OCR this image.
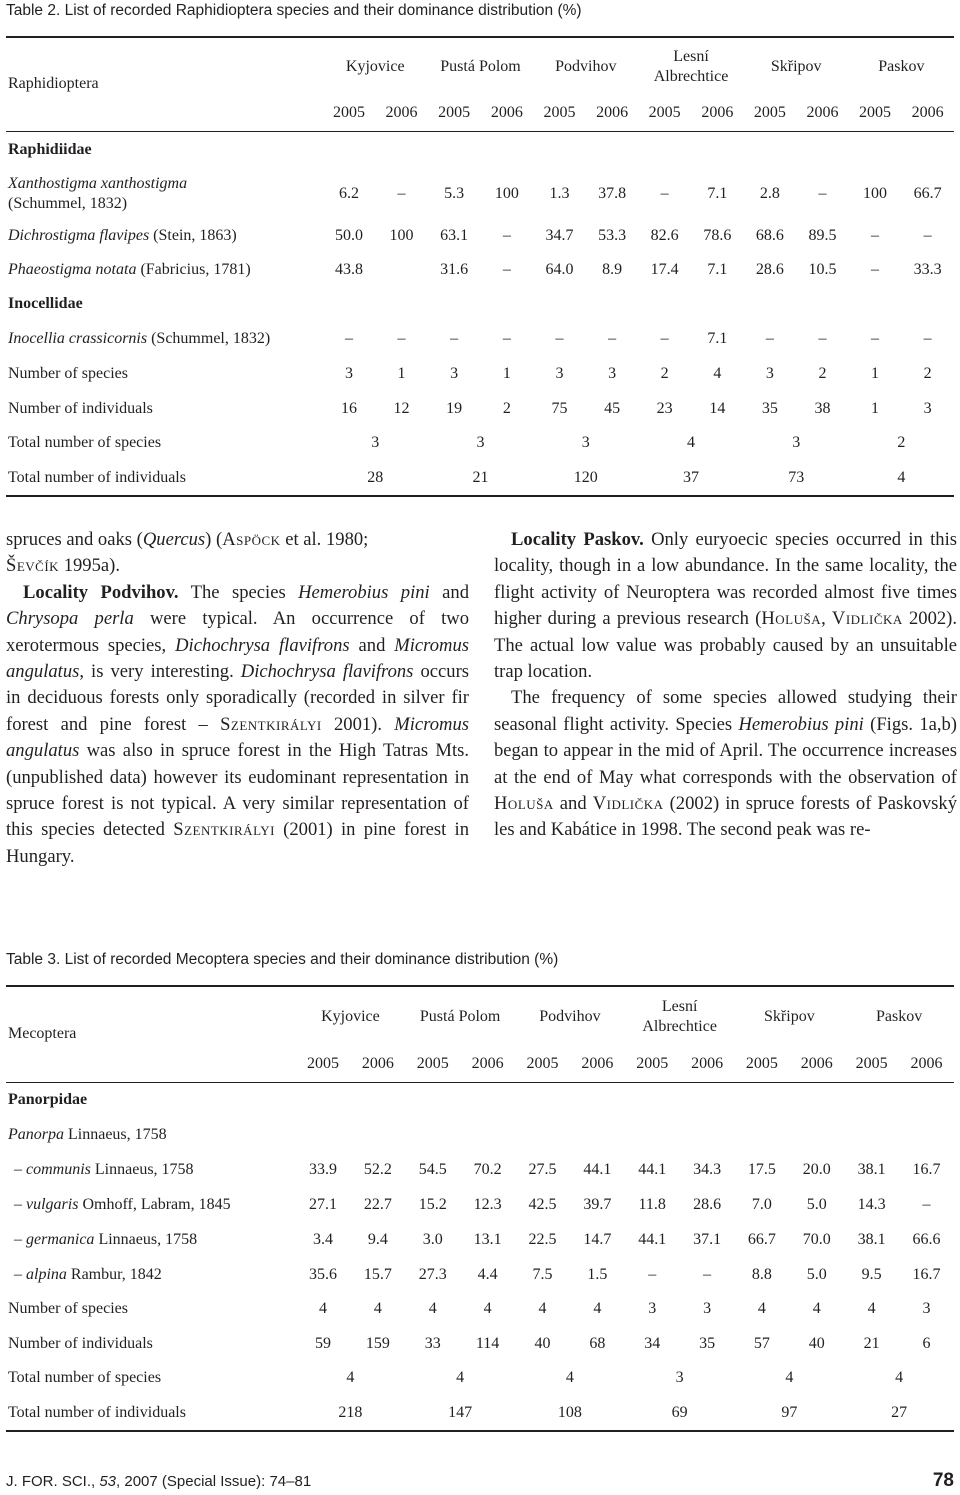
Table 2. List of recorded Raphidioptera species and their dominance distribution (%)
Raphidioptera	Kyjovice		Pustá Polom		Podvihov		Lesní
Albrechtice		Skřipov		Paskov	
	2005	2006	2005	2006	2005	2006	2005	2006	2005	2006	2005	2006
Raphidiidae												
Xanthostigma xanthostigma
(Schummel, 1832)	6.2	–	5.3	100	1.3	37.8	–	7.1	2.8	–	100	66.7
Dichrostigma flavipes (Stein, 1863)	50.0	100	63.1	–	34.7	53.3	82.6	78.6	68.6	89.5	–	–
Phaeostigma notata (Fabricius, 1781)	43.8		31.6	–	64.0	8.9	17.4	7.1	28.6	10.5	–	33.3
Inocellidae												
Inocellia crassicornis (Schummel, 1832)	–	–	–	–	–	–	–	7.1	–	–	–	–
Number of species	3	1	3	1	3	3	2	4	3	2	1	2
Number of individuals	16	12	19	2	75	45	23	14	35	38	1	3
Total number of species	3		3		3		4		3		2	
Total number of individuals	28		21		120		37		73		4	

spruces and oaks (Quercus) (Aspöck et al. 1980;
Ševčík 1995a).

Locality Podvihov. The species Hemerobius pini and Chrysopa perla were typical. An occurrence of two xerotermous species, Dichochrysa flavifrons and Micromus angulatus, is very interesting. Dichochrysa flavifrons occurs in deciduous forests only sporadically (recorded in silver fir forest and pine forest – Szentkirályi 2001). Micromus angulatus was also in spruce forest in the High Tatras Mts. (unpublished data) however its eudominant representation in spruce forest is not typical. A very similar representation of this species detected Szentkirályi (2001) in pine forest in Hungary.

Locality Paskov. Only euryoecic species occurred in this locality, though in a low abundance. In the same locality, the flight activity of Neuroptera was recorded almost five times higher during a previous research (Holuša, Vidlička 2002). The actual low value was probably caused by an unsuitable trap location.

The frequency of some species allowed studying their seasonal flight activity. Species Hemerobius pini (Figs. 1a,b) began to appear in the mid of April. The occurrence increases at the end of May what corresponds with the observation of Holuša and Vidlička (2002) in spruce forests of Paskovský les and Kabátice in 1998. The second peak was re-

Table 3. List of recorded Mecoptera species and their dominance distribution (%)
Mecoptera	Kyjovice		Pustá Polom		Podvihov		Lesní
Albrechtice		Skřipov		Paskov	
	2005	2006	2005	2006	2005	2006	2005	2006	2005	2006	2005	2006
Panorpidae												
Panorpa Linnaeus, 1758												
– communis Linnaeus, 1758	33.9	52.2	54.5	70.2	27.5	44.1	44.1	34.3	17.5	20.0	38.1	16.7
– vulgaris Omhoff, Labram, 1845	27.1	22.7	15.2	12.3	42.5	39.7	11.8	28.6	7.0	5.0	14.3	–
– germanica Linnaeus, 1758	3.4	9.4	3.0	13.1	22.5	14.7	44.1	37.1	66.7	70.0	38.1	66.6
– alpina Rambur, 1842	35.6	15.7	27.3	4.4	7.5	1.5	–	–	8.8	5.0	9.5	16.7
Number of species	4	4	4	4	4	4	3	3	4	4	4	3
Number of individuals	59	159	33	114	40	68	34	35	57	40	21	6
Total number of species	4		4		4		3		4		4	
Total number of individuals	218		147		108		69		97		27	
J. FOR. SCI., 53, 2007 (Special Issue): 74–81	78
